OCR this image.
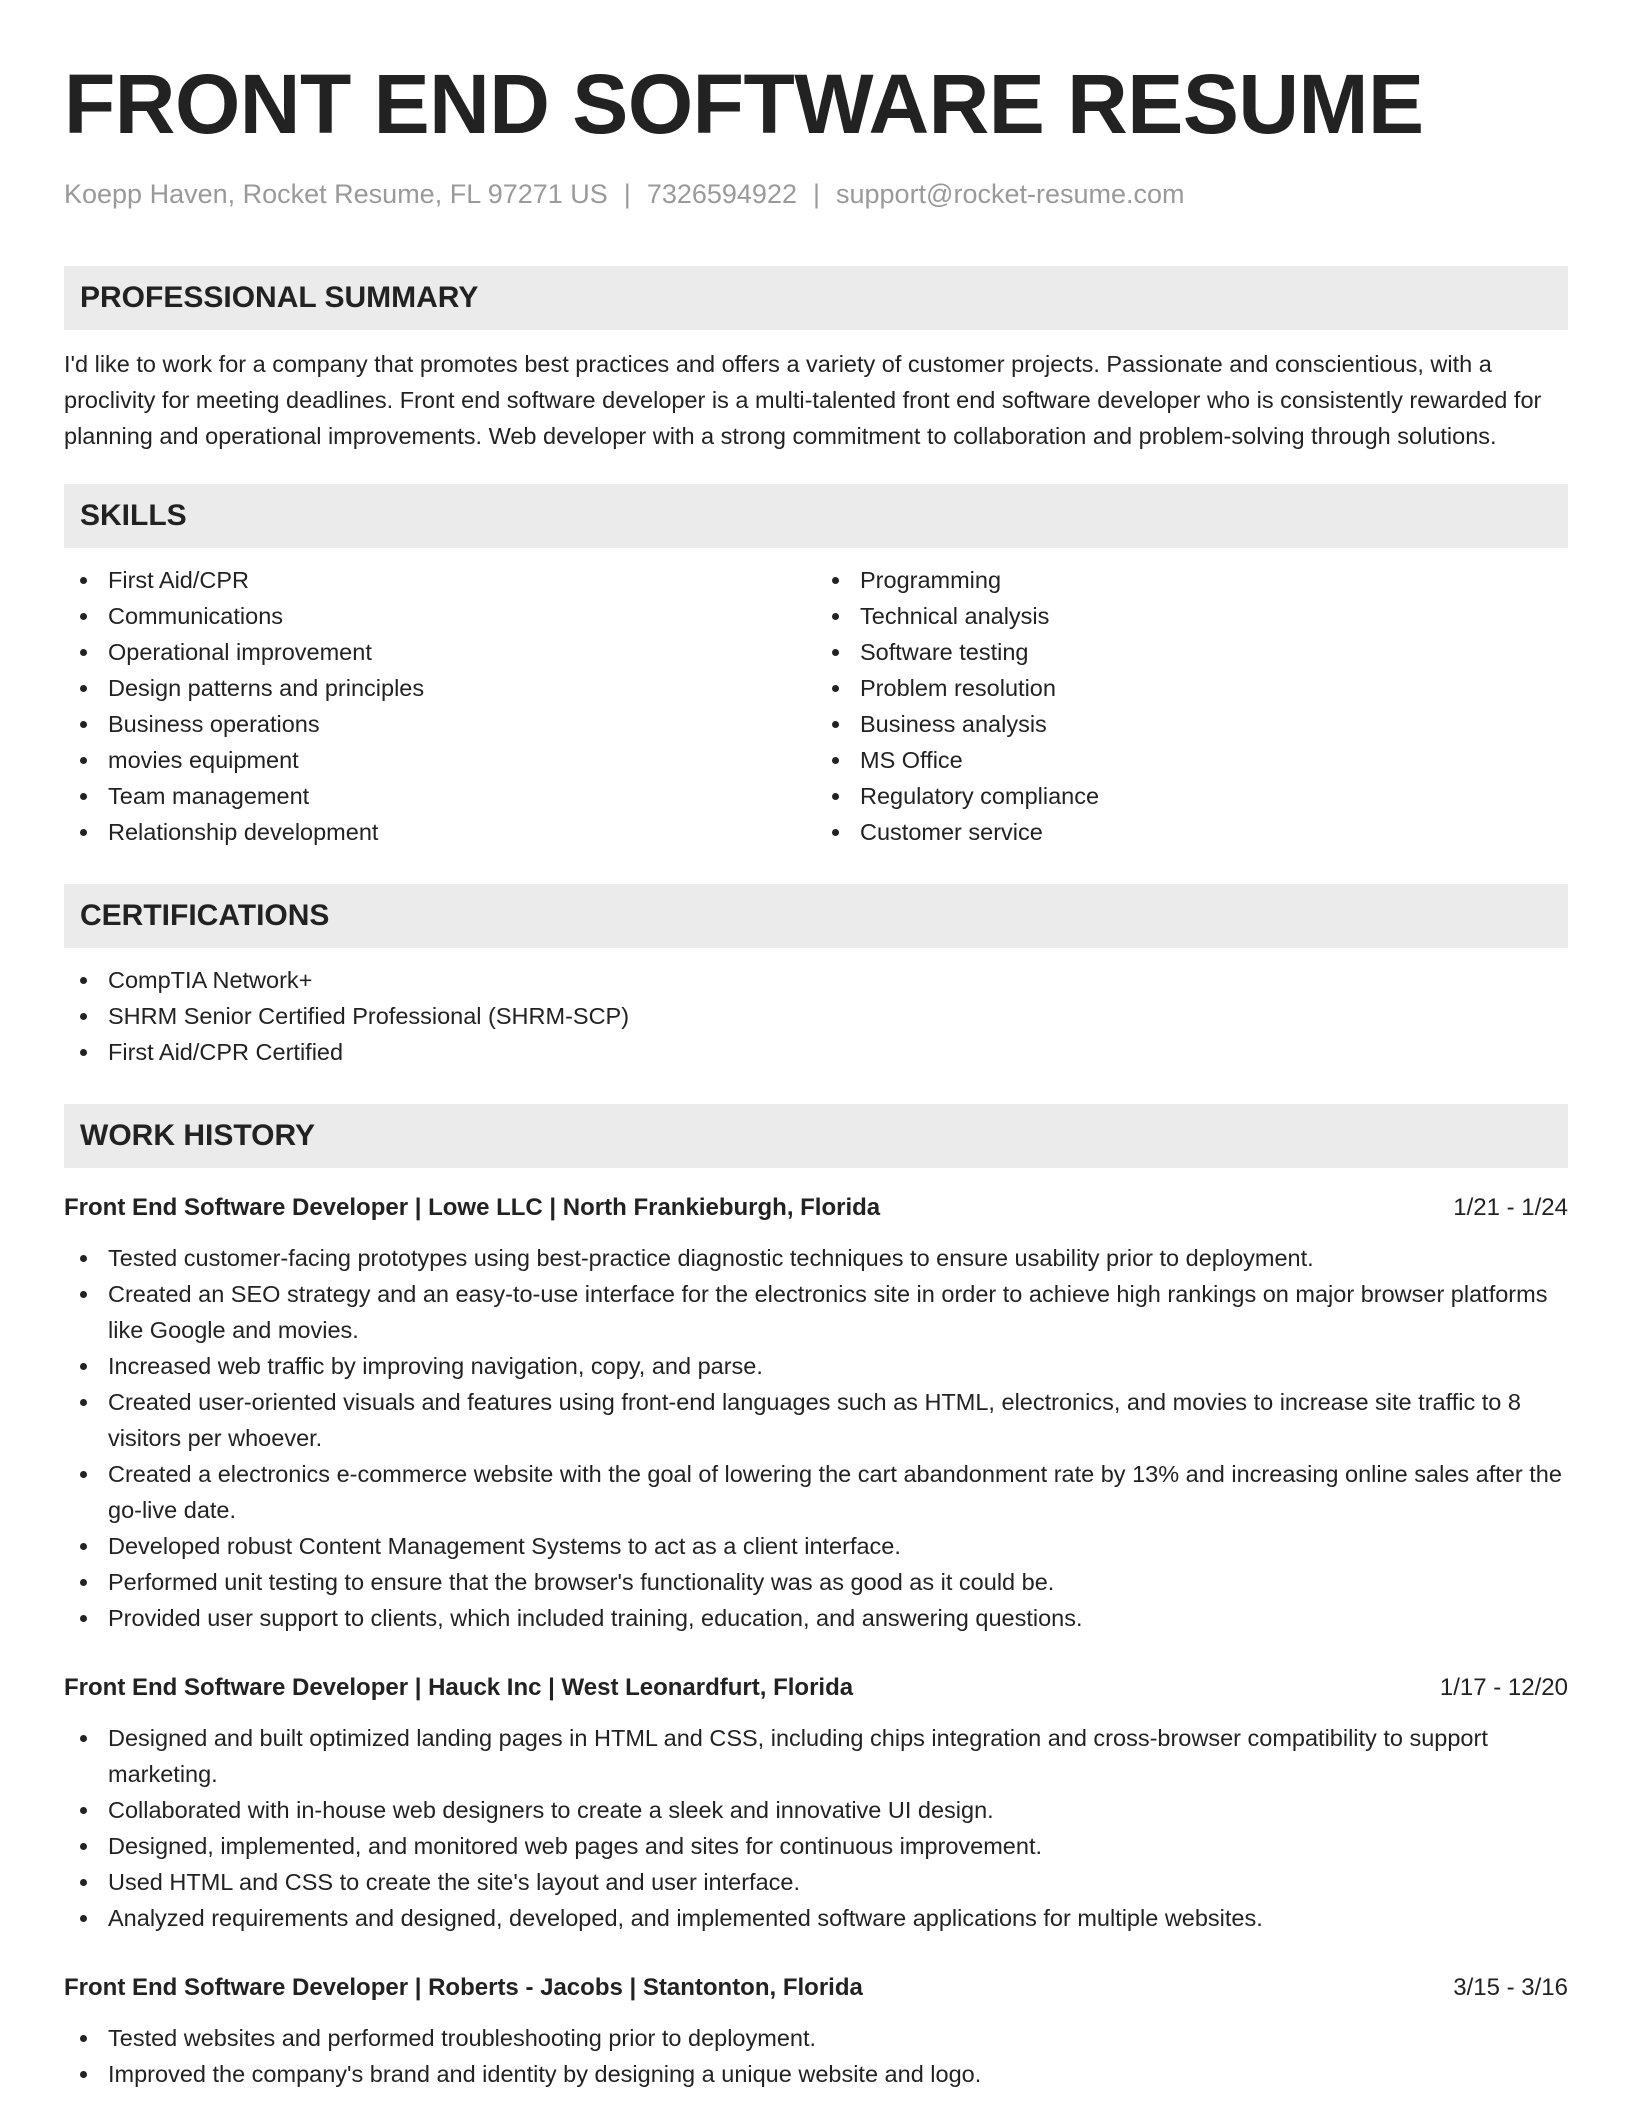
FRONT END SOFTWARE RESUME
Koepp Haven, Rocket Resume, FL 97271 US | 7326594922 | support@rocket-resume.com
PROFESSIONAL SUMMARY

I'd like to work for a company that promotes best practices and offers a variety of customer projects. Passionate and conscientious, with a proclivity for meeting deadlines. Front end software developer is a multi-talented front end software developer who is consistently rewarded for planning and operational improvements. Web developer with a strong commitment to collaboration and problem-solving through solutions.

SKILLS
First Aid/CPR
Communications
Operational improvement
Design patterns and principles
Business operations
movies equipment
Team management
Relationship development
Programming
Technical analysis
Software testing
Problem resolution
Business analysis
MS Office
Regulatory compliance
Customer service
CERTIFICATIONS
CompTIA Network+
SHRM Senior Certified Professional (SHRM-SCP)
First Aid/CPR Certified
WORK HISTORY
Front End Software Developer | Lowe LLC | North Frankieburgh, Florida	1/21 - 1/24
Tested customer-facing prototypes using best-practice diagnostic techniques to ensure usability prior to deployment.
Created an SEO strategy and an easy-to-use interface for the electronics site in order to achieve high rankings on major browser platforms like Google and movies.
Increased web traffic by improving navigation, copy, and parse.
Created user-oriented visuals and features using front-end languages such as HTML, electronics, and movies to increase site traffic to 8 visitors per whoever.
Created a electronics e-commerce website with the goal of lowering the cart abandonment rate by 13% and increasing online sales after the go-live date.
Developed robust Content Management Systems to act as a client interface.
Performed unit testing to ensure that the browser's functionality was as good as it could be.
Provided user support to clients, which included training, education, and answering questions.
Front End Software Developer | Hauck Inc | West Leonardfurt, Florida	1/17 - 12/20
Designed and built optimized landing pages in HTML and CSS, including chips integration and cross-browser compatibility to support marketing.
Collaborated with in-house web designers to create a sleek and innovative UI design.
Designed, implemented, and monitored web pages and sites for continuous improvement.
Used HTML and CSS to create the site's layout and user interface.
Analyzed requirements and designed, developed, and implemented software applications for multiple websites.
Front End Software Developer | Roberts - Jacobs | Stantonton, Florida	3/15 - 3/16
Tested websites and performed troubleshooting prior to deployment.
Improved the company's brand and identity by designing a unique website and logo.
